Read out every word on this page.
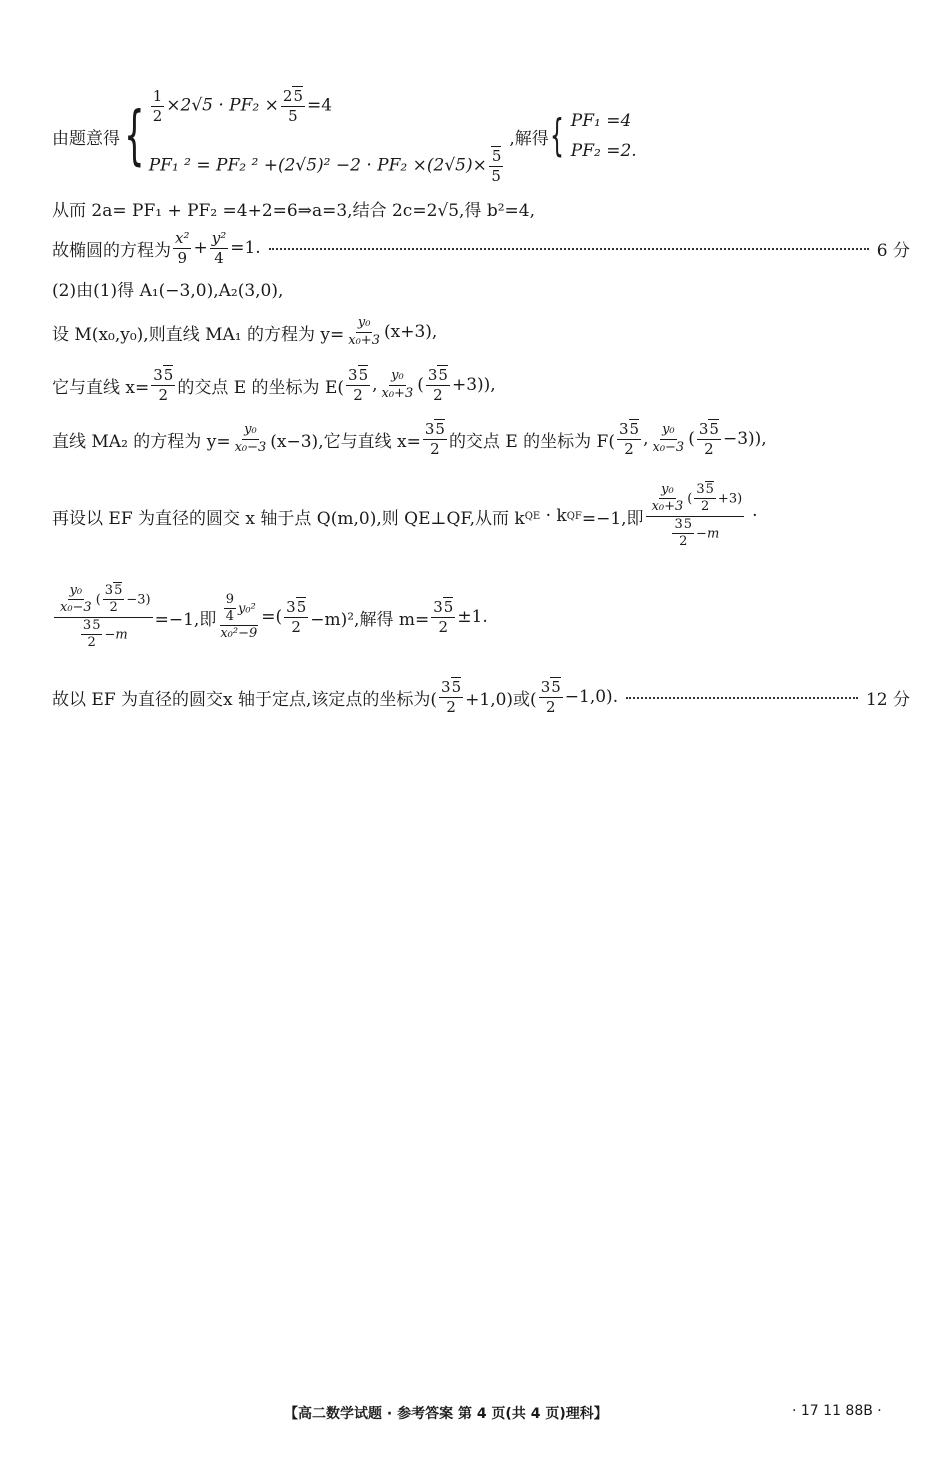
由题意得 { $\frac{1}{2} \times 2√5 \cdot PF_2 \times \frac{25}{5} =4$
PF₁ ² = PF₂ $^2 +(2√5)^2 -2 \cdot PF_2 \times(2√5)\times \frac{5}{5}$
,解得 { PF₁ =4
PF₂ =2.
从而 2a= PF₁ + PF₂ =4+2=6⇒a=3,结合 2c=2√5,得 b²=4,
故椭圆的方程为 $\frac{\text{x²}}{9} + \frac{\text{y²}}{4} =1$.	6 分
(2)由(1)得 A₁(−3,0),A₂(3,0),
设 M(x₀,y₀),则直线 MA₁ 的方程为 $y= \frac{\text{y₀}}{\text{x₀+3}} (x+3)$,
它与直线 $x= \frac{35}{2}$ 的交点 E 的坐标为 $E( \frac{35}{2}$ , $\frac{\text{y₀}}{\text{x₀+3}}$ ( $\frac{35}{2} +3$)),
直线 MA₂ 的方程为 $y= \frac{\text{y₀}}{\text{x₀−3}} (x-3)$,它与直线 $x= \frac{35}{2}$ 的交点 E 的坐标为 $F( \frac{35}{2}$ , $\frac{\text{y₀}}{\text{x₀−3}}$ ( $\frac{35}{2} -3$)),
再设以 EF 为直径的圆交 x 轴于点 Q(m,0),则 QE⊥QF,从而 k QE · k QF =−1,即 $\frac{\frac{\text{y₀}}{\text{x₀+3}} ( \frac{35}{2} +3)}{\frac{35}{2} -m}$ ·
$\frac{\frac{\text{y₀}}{\text{x₀−3}} ( \frac{35}{2} -3)}{\frac{35}{2} -m} =-1$,即 $\frac{\frac{9}{4} y_0^2}{\text{x₀²−9}}$ =( $\frac{35}{2} -m)^2$,解得 $m= \frac{35}{2} \pm 1$.
故以 EF 为直径的圆交x 轴于定点,该定点的坐标为( $\frac{35}{2} +1,0$)或( $\frac{35}{2} -1,0$).	12 分
【高二数学试题 · 参考答案 第 4 页(共 4 页)理科】	· 17 11 88B ·
